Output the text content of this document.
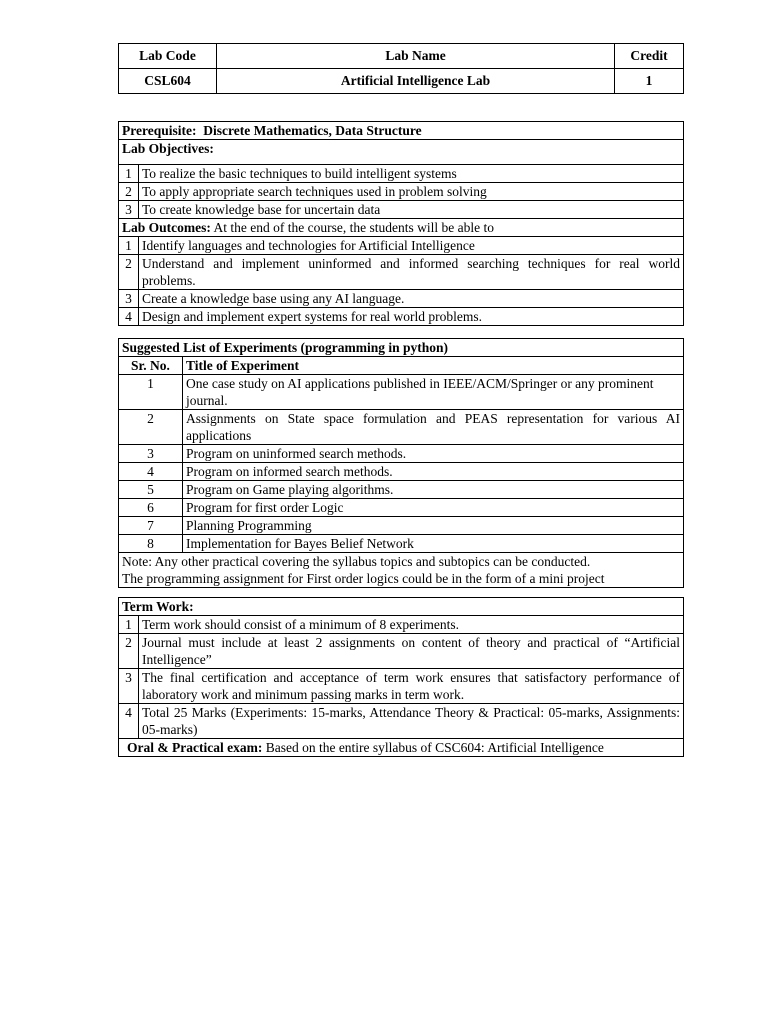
Lab Code	Lab Name	Credit
CSL604	Artificial Intelligence Lab	1
Prerequisite: Discrete Mathematics, Data Structure	
Lab Objectives:	
1	To realize the basic techniques to build intelligent systems
2	To apply appropriate search techniques used in problem solving
3	To create knowledge base for uncertain data
Lab Outcomes: At the end of the course, the students will be able to	
1	Identify languages and technologies for Artificial Intelligence
2	Understand and implement uninformed and informed searching techniques for real world problems.
3	Create a knowledge base using any AI language.
4	Design and implement expert systems for real world problems.
Suggested List of Experiments (programming in python)	
Sr. No.	Title of Experiment
1	One case study on AI applications published in IEEE/ACM/Springer or any prominent journal.
2	Assignments on State space formulation and PEAS representation for various AI applications
3	Program on uninformed search methods.
4	Program on informed search methods.
5	Program on Game playing algorithms.
6	Program for first order Logic
7	Planning Programming
8	Implementation for Bayes Belief Network

Note: Any other practical covering the syllabus topics and subtopics can be conducted.
The programming assignment for First order logics could be in the form of a mini project	
Term Work:	
1	Term work should consist of a minimum of 8 experiments.
2	Journal must include at least 2 assignments on content of theory and practical of “Artificial Intelligence”
3	The final certification and acceptance of term work ensures that satisfactory performance of laboratory work and minimum passing marks in term work.
4	Total 25 Marks (Experiments: 15-marks, Attendance Theory & Practical: 05-marks, Assignments: 05-marks)
Oral & Practical exam: Based on the entire syllabus of CSC604: Artificial Intelligence	
